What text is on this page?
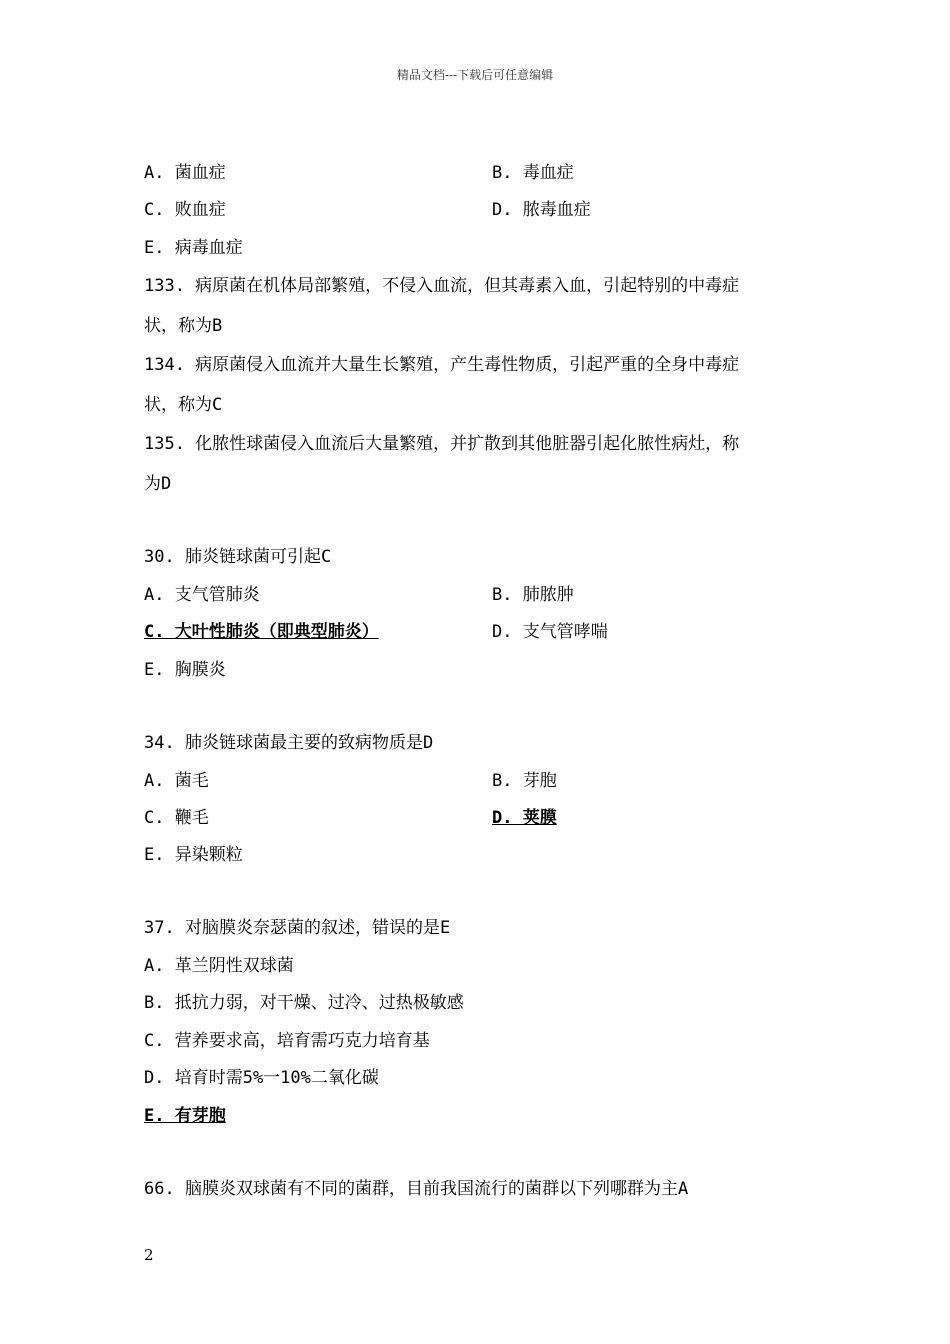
精品文档---下载后可任意编辑
A. 菌血症	B. 毒血症
C. 败血症	D. 脓毒血症
E. 病毒血症
133. 病原菌在机体局部繁殖，不侵入血流，但其毒素入血，引起特别的中毒症
状，称为B
134. 病原菌侵入血流并大量生长繁殖，产生毒性物质，引起严重的全身中毒症
状，称为C
135. 化脓性球菌侵入血流后大量繁殖，并扩散到其他脏器引起化脓性病灶，称
为D
30. 肺炎链球菌可引起C
A. 支气管肺炎	B. 肺脓肿
C. 大叶性肺炎（即典型肺炎）	D. 支气管哮喘
E. 胸膜炎
34. 肺炎链球菌最主要的致病物质是D
A. 菌毛	B. 芽胞
C. 鞭毛	D. 荚膜
E. 异染颗粒
37. 对脑膜炎奈瑟菌的叙述，错误的是E
A. 革兰阴性双球菌
B. 抵抗力弱，对干燥、过冷、过热极敏感
C. 营养要求高，培育需巧克力培育基
D. 培育时需5%一10%二氧化碳
E. 有芽胞
66. 脑膜炎双球菌有不同的菌群，目前我国流行的菌群以下列哪群为主A
2
